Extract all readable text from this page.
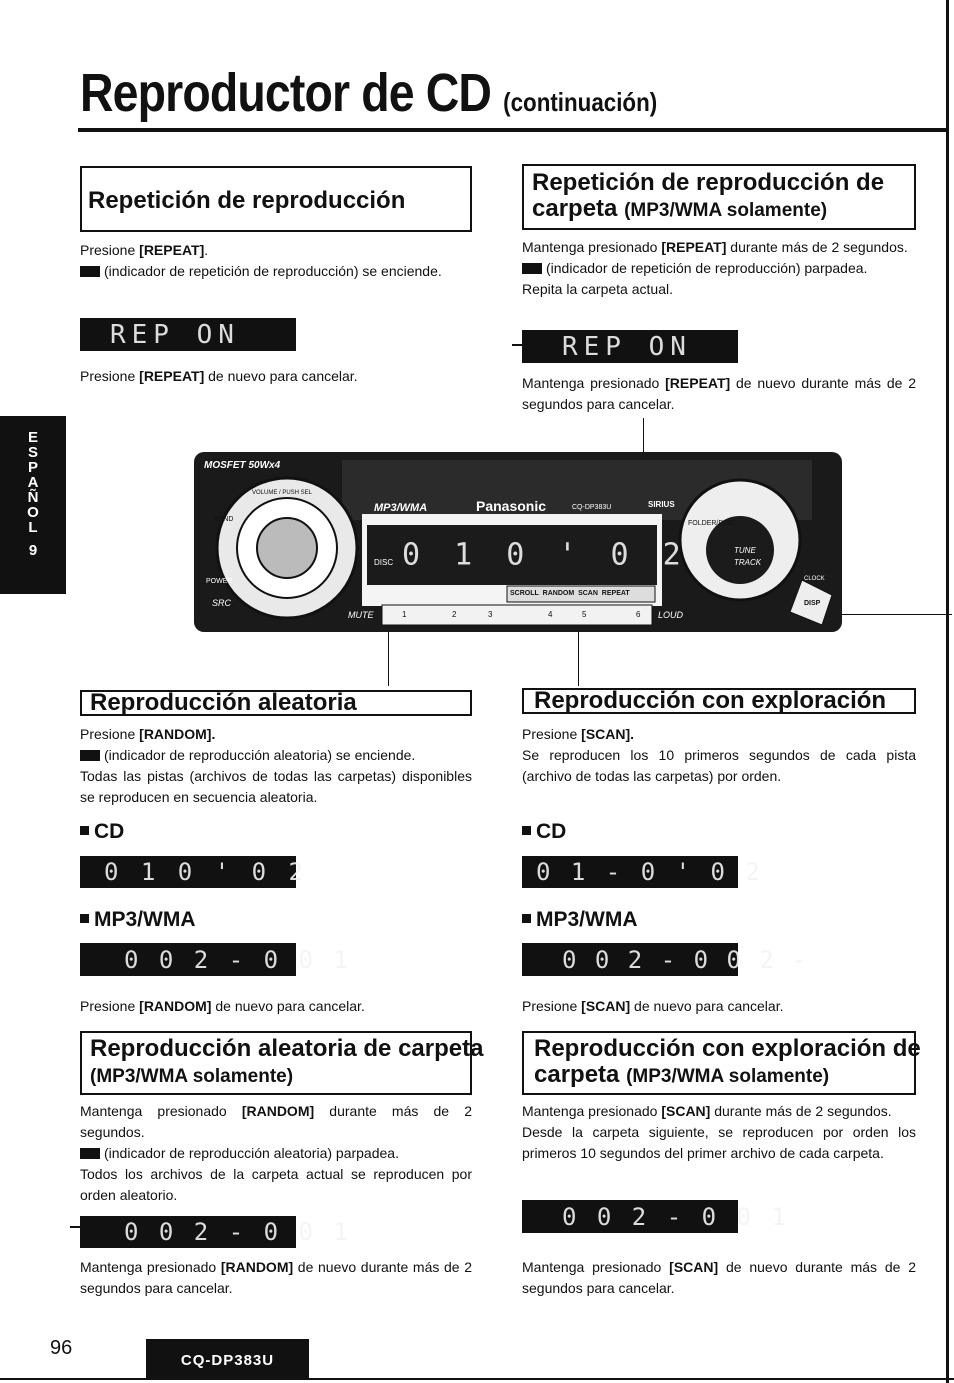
Reproductor de CD (continuación)
E
S
P
A
Ñ
O
L
9
Repetición de reproducción
Presione [REPEAT].
(indicador de repetición de reproducción) se enciende.
REP ON
Presione [REPEAT] de nuevo para cancelar.
Repetición de reproducción de
carpeta (MP3/WMA solamente)
Mantenga presionado [REPEAT] durante más de 2 segundos.
(indicador de repetición de reproducción) parpadea.
Repita la carpeta actual.
REP ON
Mantenga presionado [REPEAT] de nuevo durante más de 2 segundos para cancelar.
MOSFET 50Wx4
MP3/WMA	Panasonic	CQ-DP383U	SIRIUS
DISC 0 1 0 ' 0 2
SCROLL RANDOM SCAN REPEAT
MUTE	LOUD
POWER
SRC
TUNE
TRACK
CLOCK
DISP
BAND
FOLDER/DISC
VOLUME / PUSH SEL
1	2	3	4	5	6
Reproducción aleatoria
Presione [RANDOM].
(indicador de reproducción aleatoria) se enciende.
Todas las pistas (archivos de todas las carpetas) disponibles se reproducen en secuencia aleatoria.
CD
0 1 0 ' 0 2
MP3/WMA
0 0 2 - 0 0 1
Presione [RANDOM] de nuevo para cancelar.
Reproducción con exploración
Presione [SCAN].
Se reproducen los 10 primeros segundos de cada pista (archivo de todas las carpetas) por orden.
CD
0 1 - 0 ' 0 2
MP3/WMA
0 0 2 - 0 0 2 -
Presione [SCAN] de nuevo para cancelar.
Reproducción aleatoria de carpeta
(MP3/WMA solamente)
Mantenga presionado [RANDOM] durante más de 2 segundos.
(indicador de reproducción aleatoria) parpadea.
Todos los archivos de la carpeta actual se reproducen por orden aleatorio.
0 0 2 - 0 0 1
Mantenga presionado [RANDOM] de nuevo durante más de 2 segundos para cancelar.
Reproducción con exploración de
carpeta (MP3/WMA solamente)
Mantenga presionado [SCAN] durante más de 2 segundos.
Desde la carpeta siguiente, se reproducen por orden los primeros 10 segundos del primer archivo de cada carpeta.
0 0 2 - 0 0 1
Mantenga presionado [SCAN] de nuevo durante más de 2 segundos para cancelar.
96
CQ-DP383U
